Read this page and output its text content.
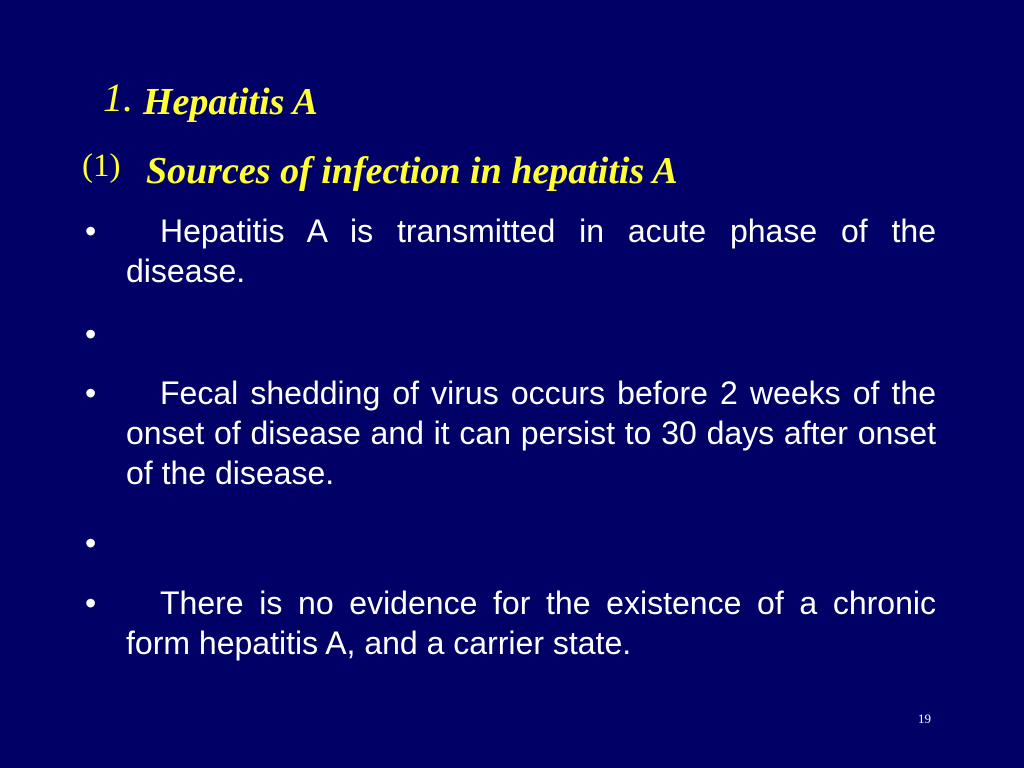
1. Hepatitis A
(1) Sources of infection in hepatitis A
•	Hepatitis A is transmitted in acute phase of the disease.
•
•	Fecal shedding of virus occurs before 2 weeks of the onset of disease and it can persist to 30 days after onset of the disease.
•
•	There is no evidence for the existence of a chronic form hepatitis A, and a carrier state.
19
